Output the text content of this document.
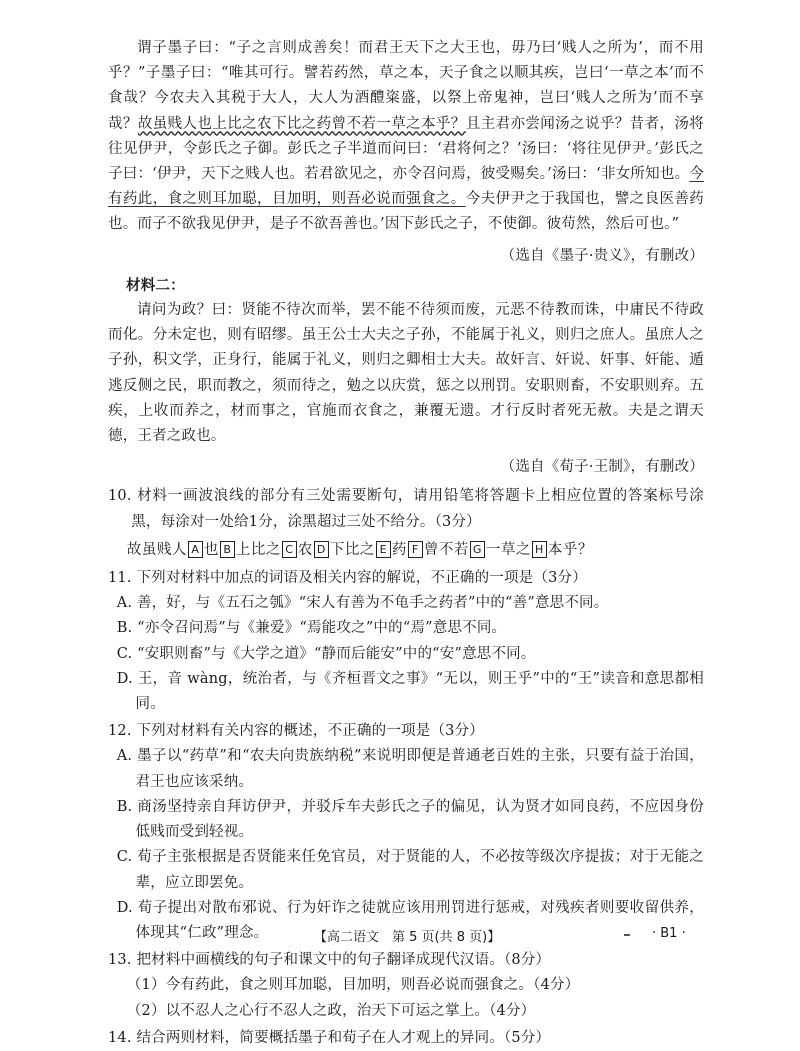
谓子墨子曰：“子之言则成善矣！而君王天下之大王也，毋乃曰‘贱人之所为’，而不用乎？”子墨子曰：“唯其可行。譬若药然，草之本，天子食之以顺其疾，岂曰‘一草之本’而不食哉？今农夫入其税于大人，大人为酒醴粢盛，以祭上帝鬼神，岂曰‘贱人之所为’而不享哉？故虽贱人也上比之农下比之药曾不若一草之本乎？且主君亦尝闻汤之说乎？昔者，汤将往见伊尹，令彭氏之子御。彭氏之子半道而问曰：‘君将何之？’汤曰：‘将往见伊尹。’彭氏之子曰：‘伊尹，天下之贱人也。若君欲见之，亦令召问焉，彼受赐矣。’汤曰：‘非女所知也。今有药此，食之则耳加聪，目加明，则吾必说而强食之。今夫伊尹之于我国也，譬之良医善药也。而子不欲我见伊尹，是子不欲吾善也。’因下彭氏之子，不使御。彼苟然，然后可也。”

（选自《墨子·贵义》，有删改）
材料二：

请问为政？曰：贤能不待次而举，罢不能不待须而废，元恶不待教而诛，中庸民不待政而化。分未定也，则有昭缪。虽王公士大夫之子孙，不能属于礼义，则归之庶人。虽庶人之子孙，积文学，正身行，能属于礼义，则归之卿相士大夫。故奸言、奸说、奸事、奸能、遁逃反侧之民，职而教之，须而待之，勉之以庆赏，惩之以刑罚。安职则畜，不安职则弃。五疾，上收而养之，材而事之，官施而衣食之，兼覆无遗。才行反时者死无赦。夫是之谓天德，王者之政也。

（选自《荀子·王制》，有删改）
10. 材料一画波浪线的部分有三处需要断句，请用铅笔将答题卡上相应位置的答案标号涂黑，每涂对一处给1分，涂黑超过三处不给分。（3分）
故虽贱人 A 也 B 上比之 C 农 D 下比之 E 药 F 曾不若 G 一草之 H 本乎？
11. 下列对材料中加点的词语及相关内容的解说，不正确的一项是（3分）

A. 善，好，与《五石之瓠》“宋人有善为不龟手之药者”中的“善”意思不同。

B. “亦令召问焉”与《兼爱》“焉能攻之”中的“焉”意思不同。

C. “安职则畜”与《大学之道》“静而后能安”中的“安”意思不同。

D. 王，音 wàng，统治者，与《齐桓晋文之事》“无以，则王乎”中的“王”读音和意思都相同。

12. 下列对材料有关内容的概述，不正确的一项是（3分）

A. 墨子以“药草”和“农夫向贵族纳税”来说明即便是普通老百姓的主张，只要有益于治国，君王也应该采纳。

B. 商汤坚持亲自拜访伊尹，并驳斥车夫彭氏之子的偏见，认为贤才如同良药，不应因身份低贱而受到轻视。

C. 荀子主张根据是否贤能来任免官员，对于贤能的人，不必按等级次序提拔；对于无能之辈，应立即罢免。

D. 荀子提出对散布邪说、行为奸诈之徒就应该用刑罚进行惩戒，对残疾者则要收留供养，体现其“仁政”理念。

13. 把材料中画横线的句子和课文中的句子翻译成现代汉语。（8分）

（1）今有药此，食之则耳加聪，目加明，则吾必说而强食之。（4分）

（2）以不忍人之心行不忍人之政，治天下可运之掌上。（4分）

14. 结合两则材料，简要概括墨子和荀子在人才观上的异同。（5分）
【高二语文　第 5 页(共 8 页)】	· B1 ·
